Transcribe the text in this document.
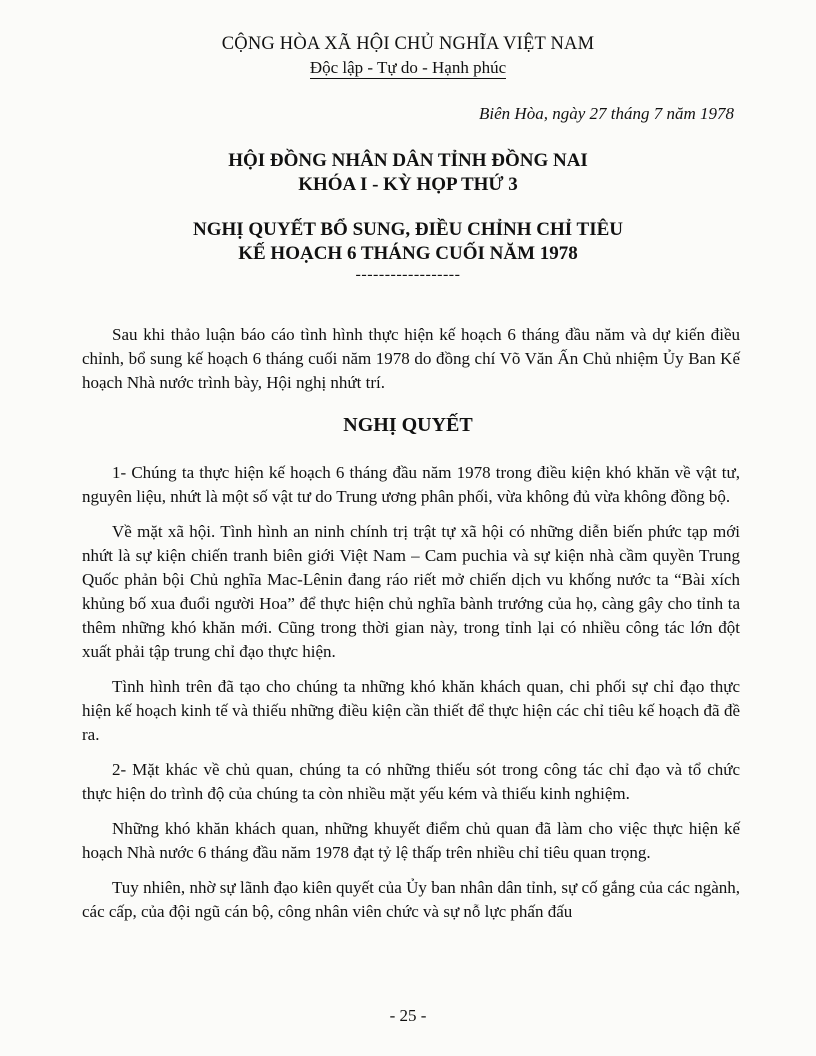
CỘNG HÒA XÃ HỘI CHỦ NGHĨA VIỆT NAM
Độc lập - Tự do - Hạnh phúc
Biên Hòa, ngày 27 tháng 7 năm 1978
HỘI ĐỒNG NHÂN DÂN TỈNH ĐỒNG NAI
KHÓA I - KỲ HỌP THỨ 3
NGHỊ QUYẾT BỔ SUNG, ĐIỀU CHỈNH CHỈ TIÊU
KẾ HOẠCH 6 THÁNG CUỐI NĂM 1978
------------------

Sau khi thảo luận báo cáo tình hình thực hiện kế hoạch 6 tháng đầu năm và dự kiến điều chỉnh, bổ sung kế hoạch 6 tháng cuối năm 1978 do đồng chí Võ Văn Ấn Chủ nhiệm Ủy Ban Kế hoạch Nhà nước trình bày, Hội nghị nhứt trí.

NGHỊ QUYẾT

1- Chúng ta thực hiện kế hoạch 6 tháng đầu năm 1978 trong điều kiện khó khăn về vật tư, nguyên liệu, nhứt là một số vật tư do Trung ương phân phối, vừa không đủ vừa không đồng bộ.

Về mặt xã hội. Tình hình an ninh chính trị trật tự xã hội có những diễn biến phức tạp mới nhứt là sự kiện chiến tranh biên giới Việt Nam – Cam puchia và sự kiện nhà cầm quyền Trung Quốc phản bội Chủ nghĩa Mac-Lênin đang ráo riết mở chiến dịch vu khống nước ta “Bài xích khủng bố xua đuổi người Hoa” để thực hiện chủ nghĩa bành trướng của họ, càng gây cho tỉnh ta thêm những khó khăn mới. Cũng trong thời gian này, trong tỉnh lại có nhiều công tác lớn đột xuất phải tập trung chỉ đạo thực hiện.

Tình hình trên đã tạo cho chúng ta những khó khăn khách quan, chi phối sự chỉ đạo thực hiện kế hoạch kinh tế và thiếu những điều kiện cần thiết để thực hiện các chỉ tiêu kế hoạch đã đề ra.

2- Mặt khác về chủ quan, chúng ta có những thiếu sót trong công tác chỉ đạo và tổ chức thực hiện do trình độ của chúng ta còn nhiều mặt yếu kém và thiếu kinh nghiệm.

Những khó khăn khách quan, những khuyết điểm chủ quan đã làm cho việc thực hiện kế hoạch Nhà nước 6 tháng đầu năm 1978 đạt tỷ lệ thấp trên nhiều chỉ tiêu quan trọng.

Tuy nhiên, nhờ sự lãnh đạo kiên quyết của Ủy ban nhân dân tỉnh, sự cố gắng của các ngành, các cấp, của đội ngũ cán bộ, công nhân viên chức và sự nỗ lực phấn đấu

- 25 -
